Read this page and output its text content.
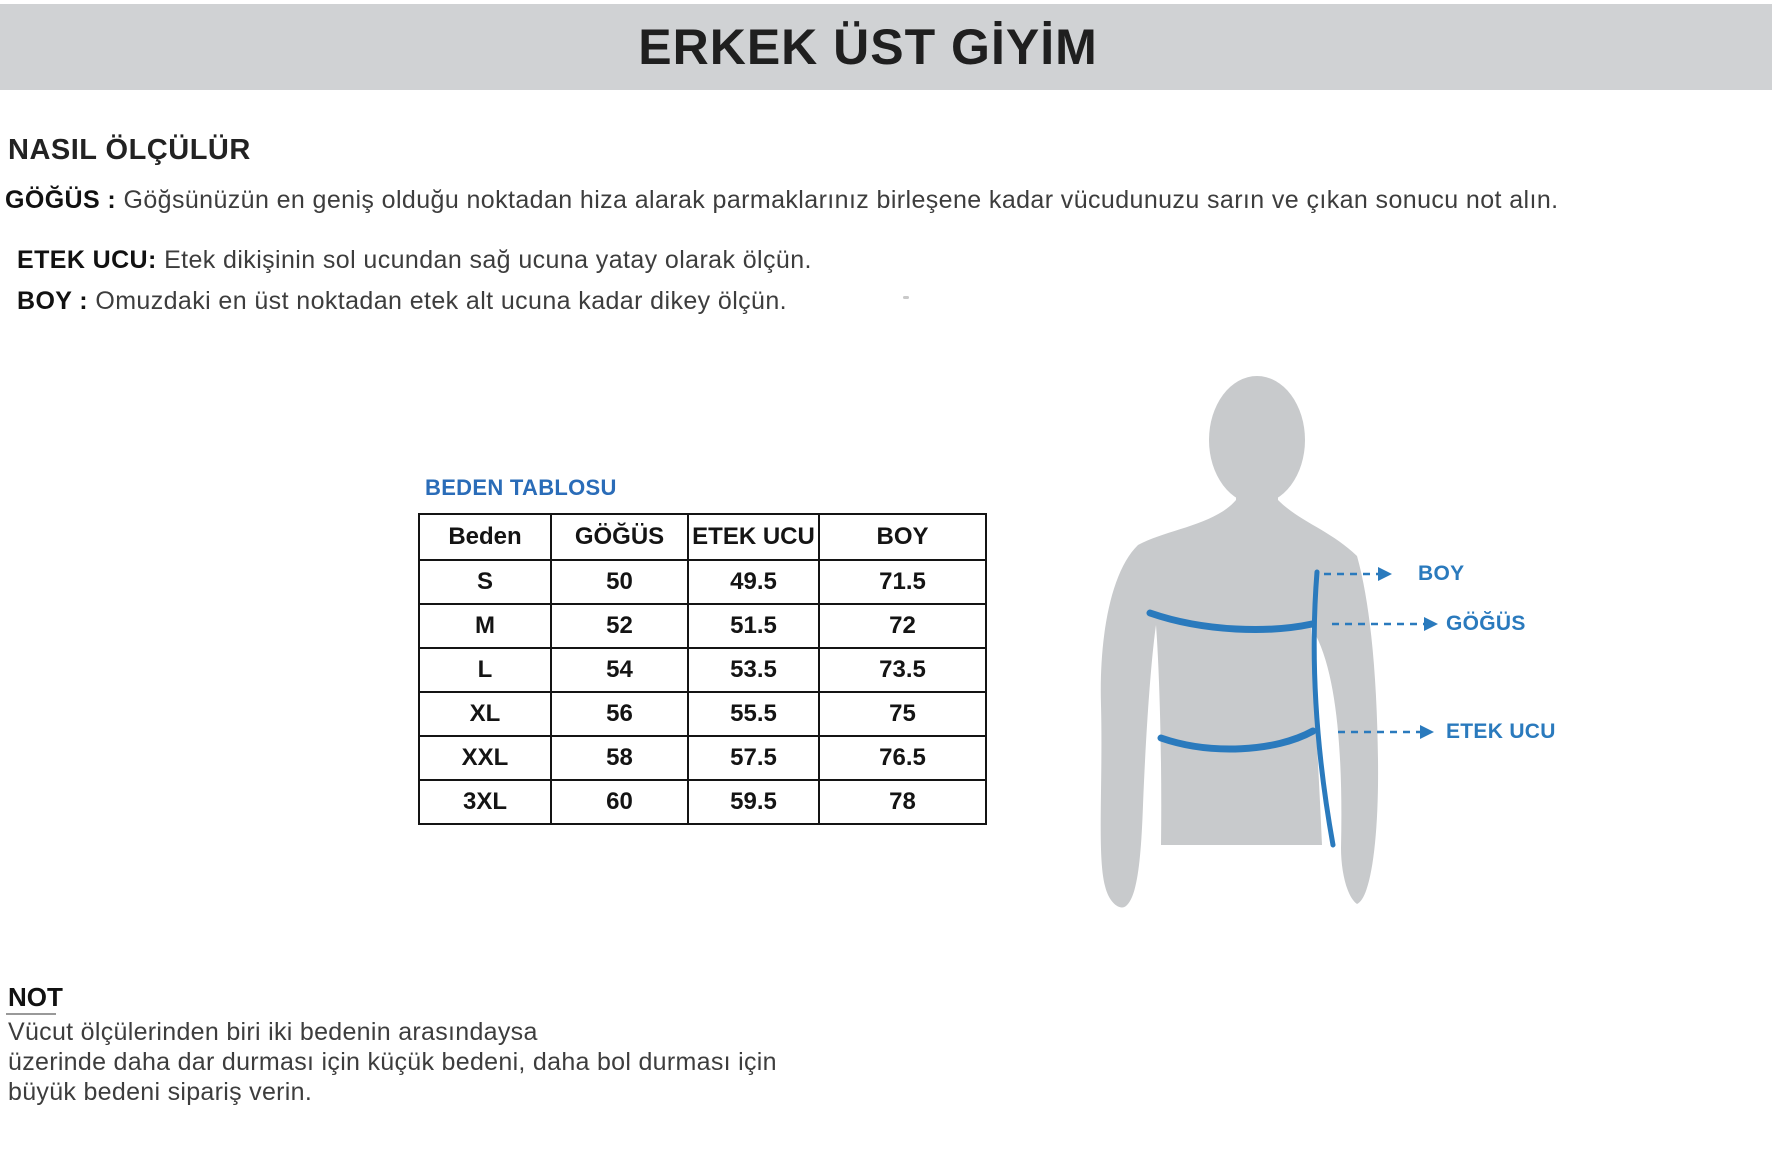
ERKEK ÜST GİYİM
NASIL ÖLÇÜLÜR
GÖĞÜS : Göğsünüzün en geniş olduğu noktadan hiza alarak parmaklarınız birleşene kadar vücudunuzu sarın ve çıkan sonucu not alın.
ETEK UCU: Etek dikişinin sol ucundan sağ ucuna yatay olarak ölçün.
BOY : Omuzdaki en üst noktadan etek alt ucuna kadar dikey ölçün.
BEDEN TABLOSU
Beden	GÖĞÜS	ETEK UCU	BOY
S	50	49.5	71.5
M	52	51.5	72
L	54	53.5	73.5
XL	56	55.5	75
XXL	58	57.5	76.5
3XL	60	59.5	78
BOY
GÖĞÜS
ETEK UCU
NOT
Vücut ölçülerinden biri iki bedenin arasındaysa
üzerinde daha dar durması için küçük bedeni, daha bol durması için
büyük bedeni sipariş verin.
